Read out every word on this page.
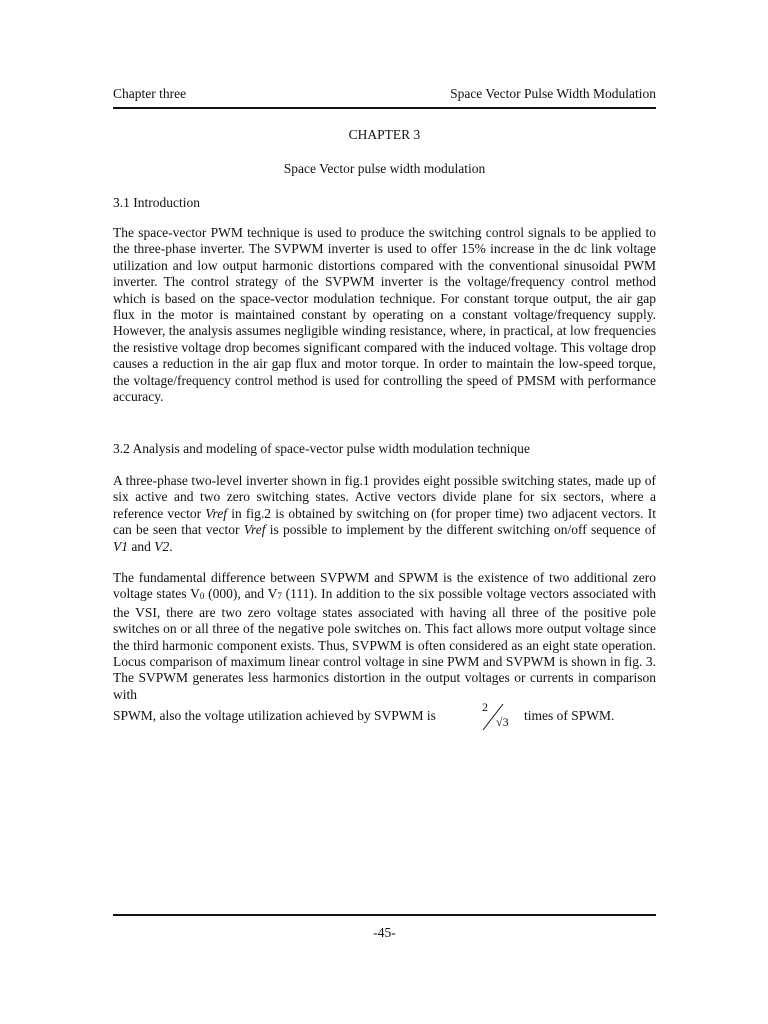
Chapter three	Space Vector Pulse Width Modulation
CHAPTER 3
Space Vector pulse width modulation
3.1 Introduction
The space-vector PWM technique is used to produce the switching control signals to be applied to the three-phase inverter. The SVPWM inverter is used to offer 15% increase in the dc link voltage utilization and low output harmonic distortions compared with the conventional sinusoidal PWM inverter. The control strategy of the SVPWM inverter is the voltage/frequency control method which is based on the space-vector modulation technique. For constant torque output, the air gap flux in the motor is maintained constant by operating on a constant voltage/frequency supply. However, the analysis assumes negligible winding resistance, where, in practical, at low frequencies the resistive voltage drop becomes significant compared with the induced voltage. This voltage drop causes a reduction in the air gap flux and motor torque. In order to maintain the low-speed torque, the voltage/frequency control method is used for controlling the speed of PMSM with performance accuracy.
3.2 Analysis and modeling of space-vector pulse width modulation technique
A three-phase two-level inverter shown in fig.1 provides eight possible switching states, made up of six active and two zero switching states. Active vectors divide plane for six sectors, where a reference vector Vref in fig.2 is obtained by switching on (for proper time) two adjacent vectors. It can be seen that vector Vref is possible to implement by the different switching on/off sequence of V1 and V2.
The fundamental difference between SVPWM and SPWM is the existence of two additional zero voltage states $V_0$ (000), and $V_7$ (111). In addition to the six possible voltage vectors associated with the VSI, there are two zero voltage states associated with having all three of the positive pole switches on or all three of the negative pole switches on. This fact allows more output voltage since the third harmonic component exists. Thus, SVPWM is often considered as an eight state operation. Locus comparison of maximum linear control voltage in sine PWM and SVPWM is shown in fig. 3. The SVPWM generates less harmonics distortion in the output voltages or currents in comparison with
SPWM, also the voltage utilization achieved by SVPWM is
2
√3 times of SPWM.
-45-
